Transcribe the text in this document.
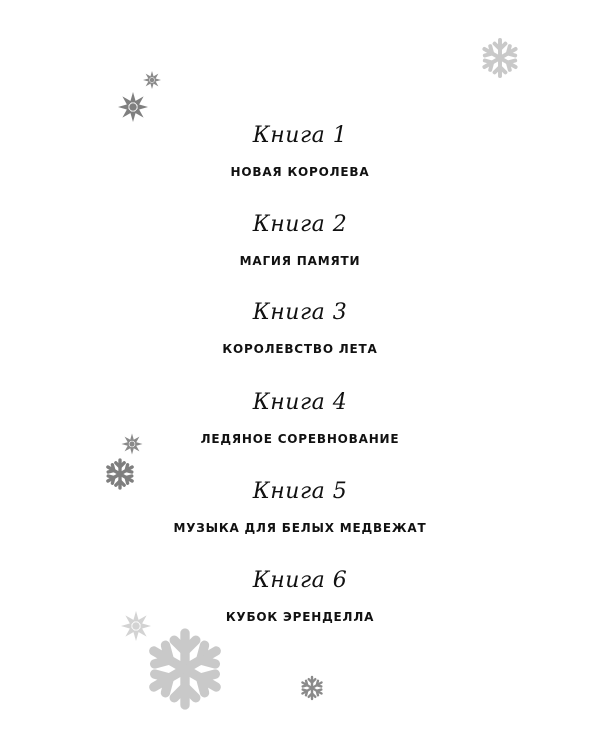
Книга 1
НОВАЯ КОРОЛЕВА
Книга 2
МАГИЯ ПАМЯТИ
Книга 3
КОРОЛЕВСТВО ЛЕТА
Книга 4
ЛЕДЯНОЕ СОРЕВНОВАНИЕ
Книга 5
МУЗЫКА ДЛЯ БЕЛЫХ МЕДВЕЖАТ
Книга 6
КУБОК ЭРЕНДЕЛЛА
